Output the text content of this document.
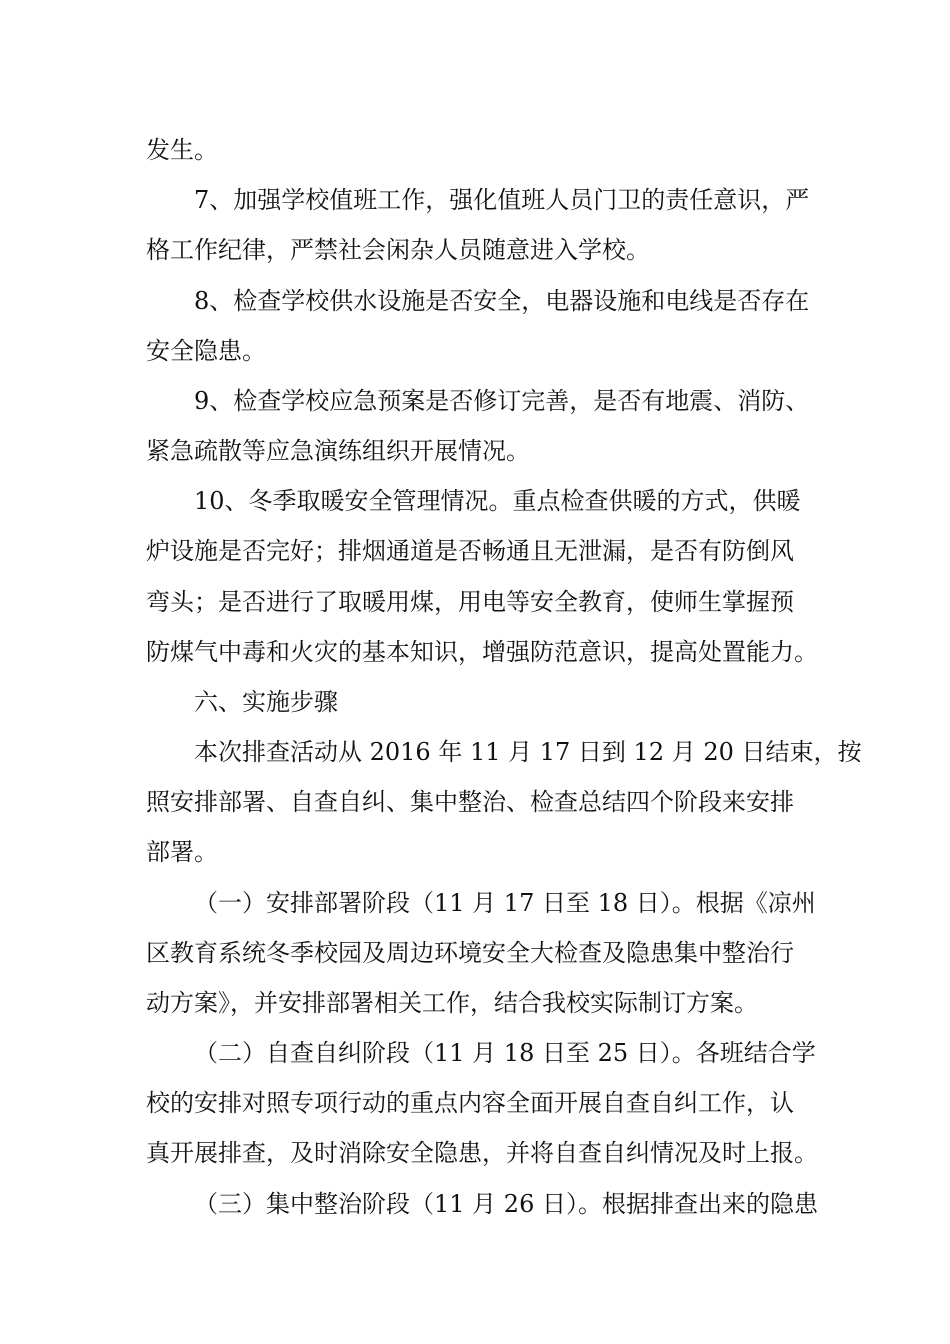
发生。
7、加强学校值班工作，强化值班人员门卫的责任意识，严
格工作纪律，严禁社会闲杂人员随意进入学校。
8、检查学校供水设施是否安全，电器设施和电线是否存在
安全隐患。
9、检查学校应急预案是否修订完善，是否有地震、消防、
紧急疏散等应急演练组织开展情况。
10、冬季取暖安全管理情况。重点检查供暖的方式，供暖
炉设施是否完好；排烟通道是否畅通且无泄漏，是否有防倒风
弯头；是否进行了取暖用煤，用电等安全教育，使师生掌握预
防煤气中毒和火灾的基本知识，增强防范意识，提高处置能力。
六、实施步骤
本次排查活动从 2016 年 11 月 17 日到 12 月 20 日结束，按
照安排部署、自查自纠、集中整治、检查总结四个阶段来安排
部署。
（一）安排部署阶段（11 月 17 日至 18 日）。根据《凉州
区教育系统冬季校园及周边环境安全大检查及隐患集中整治行
动方案》，并安排部署相关工作，结合我校实际制订方案。
（二）自查自纠阶段（11 月 18 日至 25 日）。各班结合学
校的安排对照专项行动的重点内容全面开展自查自纠工作，认
真开展排查，及时消除安全隐患，并将自查自纠情况及时上报。
（三）集中整治阶段（11 月 26 日）。根据排查出来的隐患
